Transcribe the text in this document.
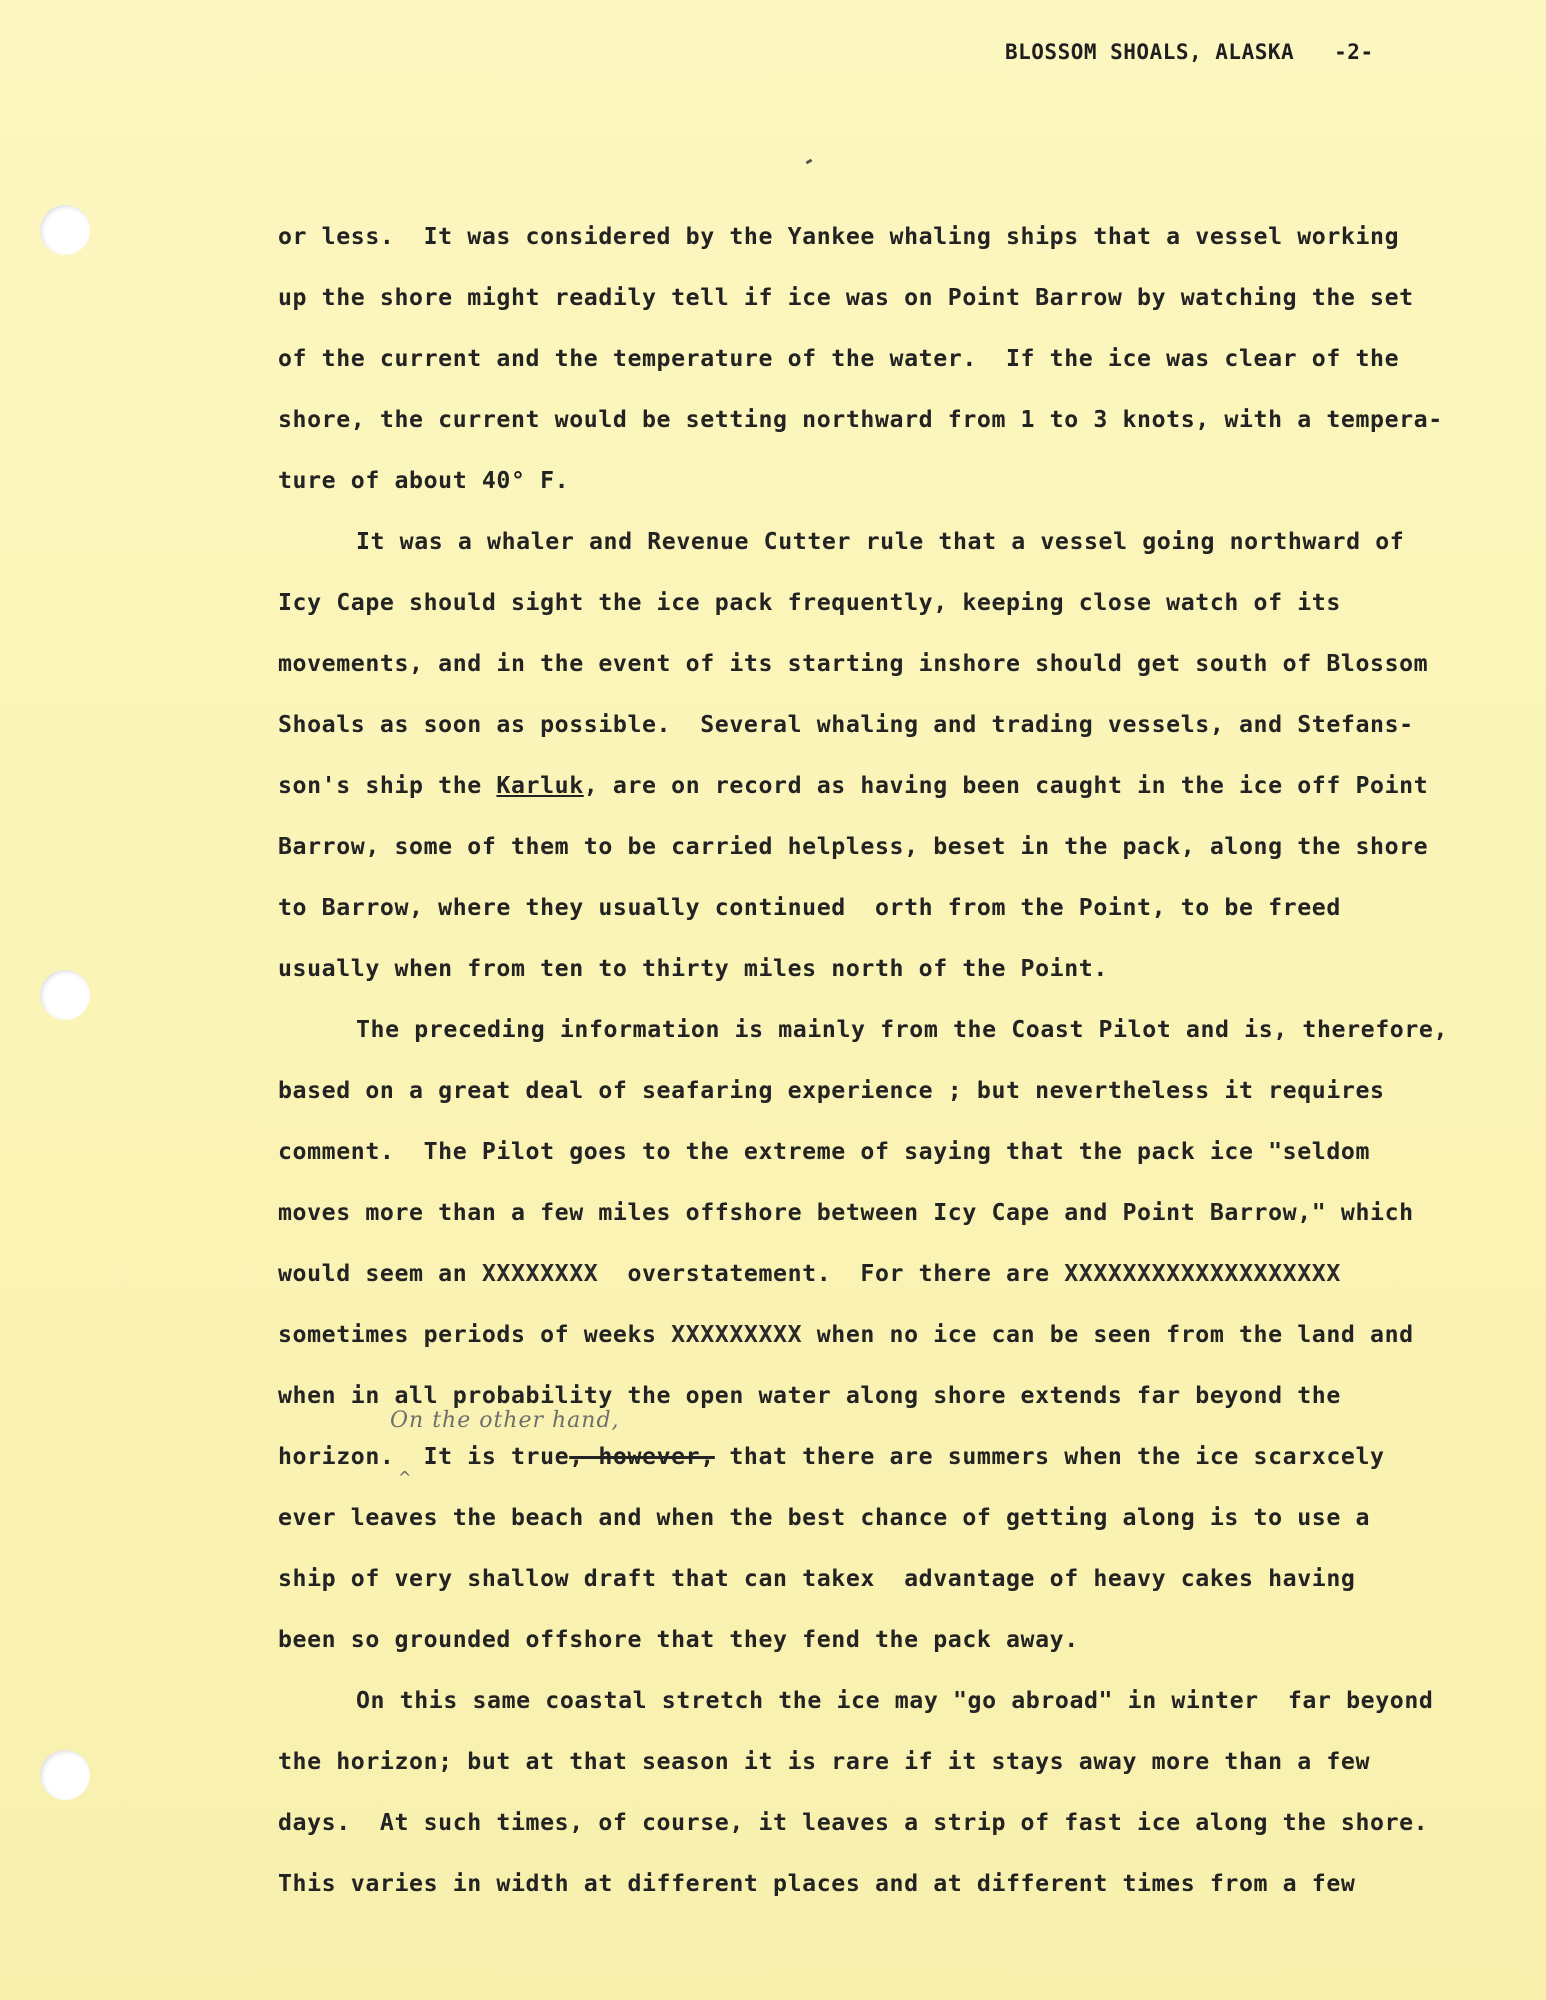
BLOSSOM SHOALS, ALASKA -2-
or less.  It was considered by the Yankee whaling ships that a vessel working
up the shore might readily tell if ice was on Point Barrow by watching the set
of the current and the temperature of the water.  If the ice was clear of the
shore, the current would be setting northward from 1 to 3 knots, with a tempera-
ture of about 40° F.
It was a whaler and Revenue Cutter rule that a vessel going northward of
Icy Cape should sight the ice pack frequently, keeping close watch of its
movements, and in the event of its starting inshore should get south of Blossom
Shoals as soon as possible.  Several whaling and trading vessels, and Stefans-
son's ship the Karluk, are on record as having been caught in the ice off Point
Barrow, some of them to be carried helpless, beset in the pack, along the shore
to Barrow, where they usually continued  orth from the Point, to be freed
usually when from ten to thirty miles north of the Point.
The preceding information is mainly from the Coast Pilot and is, therefore,
based on a great deal of seafaring experience ; but nevertheless it requires
comment.  The Pilot goes to the extreme of saying that the pack ice "seldom
moves more than a few miles offshore between Icy Cape and Point Barrow," which
would seem an XXXXXXXX  overstatement.  For there are XXXXXXXXXXXXXXXXXXX
sometimes periods of weeks XXXXXXXXX when no ice can be seen from the land and
when in all probability the open water along shore extends far beyond the
horizon.  It is true, however, that there are summers when the ice scarxcely
ever leaves the beach and when the best chance of getting along is to use a
ship of very shallow draft that can takex  advantage of heavy cakes having
been so grounded offshore that they fend the pack away.
On this same coastal stretch the ice may "go abroad" in winter  far beyond
the horizon; but at that season it is rare if it stays away more than a few
days.  At such times, of course, it leaves a strip of fast ice along the shore.
This varies in width at different places and at different times from a few
On the other hand,
^
